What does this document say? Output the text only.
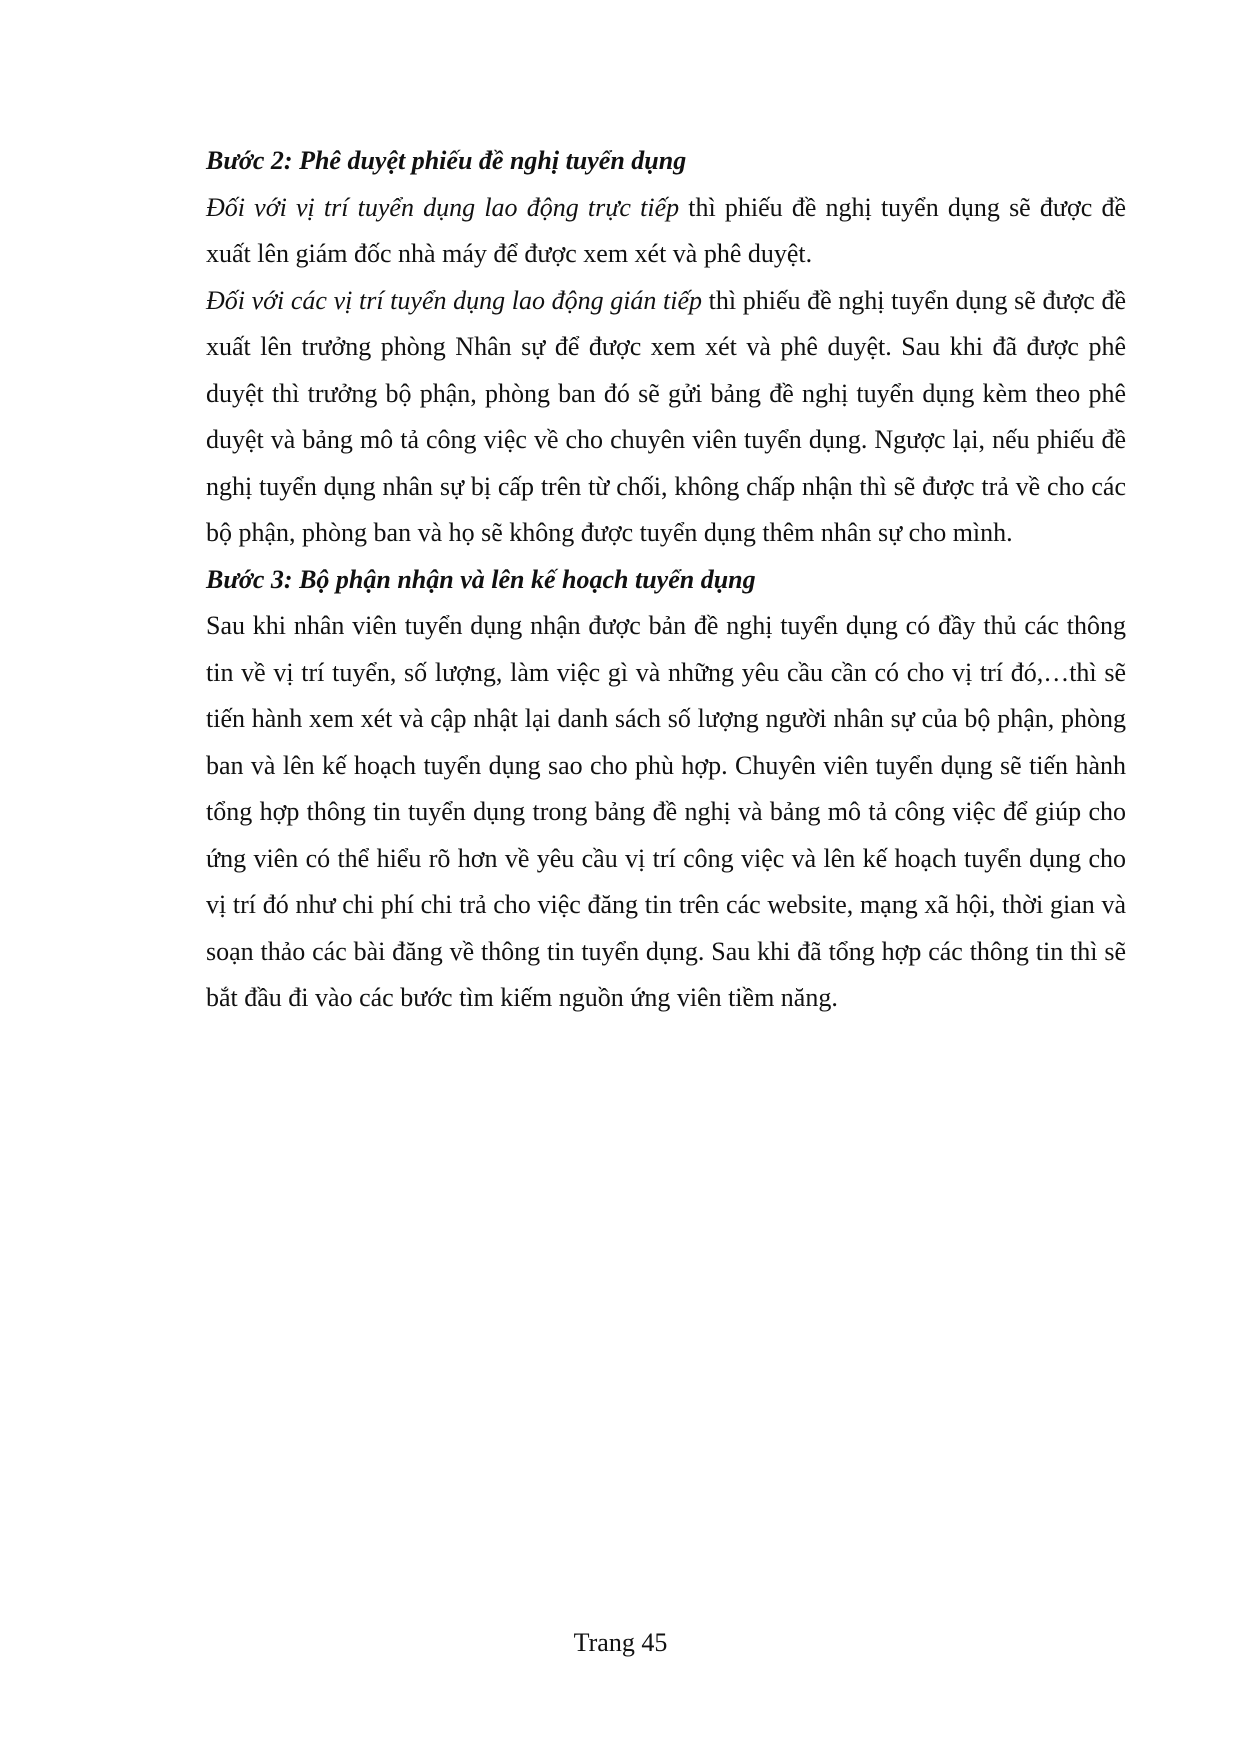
Bước 2: Phê duyệt phiếu đề nghị tuyển dụng

Đối với vị trí tuyển dụng lao động trực tiếp thì phiếu đề nghị tuyển dụng sẽ được đề xuất lên giám đốc nhà máy để được xem xét và phê duyệt.

Đối với các vị trí tuyển dụng lao động gián tiếp thì phiếu đề nghị tuyển dụng sẽ được đề xuất lên trưởng phòng Nhân sự để được xem xét và phê duyệt. Sau khi đã được phê duyệt thì trưởng bộ phận, phòng ban đó sẽ gửi bảng đề nghị tuyển dụng kèm theo phê duyệt và bảng mô tả công việc về cho chuyên viên tuyển dụng. Ngược lại, nếu phiếu đề nghị tuyển dụng nhân sự bị cấp trên từ chối, không chấp nhận thì sẽ được trả về cho các bộ phận, phòng ban và họ sẽ không được tuyển dụng thêm nhân sự cho mình.

Bước 3: Bộ phận nhận và lên kế hoạch tuyển dụng

Sau khi nhân viên tuyển dụng nhận được bản đề nghị tuyển dụng có đầy thủ các thông tin về vị trí tuyển, số lượng, làm việc gì và những yêu cầu cần có cho vị trí đó,…thì sẽ tiến hành xem xét và cập nhật lại danh sách số lượng người nhân sự của bộ phận, phòng ban và lên kế hoạch tuyển dụng sao cho phù hợp. Chuyên viên tuyển dụng sẽ tiến hành tổng hợp thông tin tuyển dụng trong bảng đề nghị và bảng mô tả công việc để giúp cho ứng viên có thể hiểu rõ hơn về yêu cầu vị trí công việc và lên kế hoạch tuyển dụng cho vị trí đó như chi phí chi trả cho việc đăng tin trên các website, mạng xã hội, thời gian và soạn thảo các bài đăng về thông tin tuyển dụng. Sau khi đã tổng hợp các thông tin thì sẽ bắt đầu đi vào các bước tìm kiếm nguồn ứng viên tiềm năng.

Trang 45
